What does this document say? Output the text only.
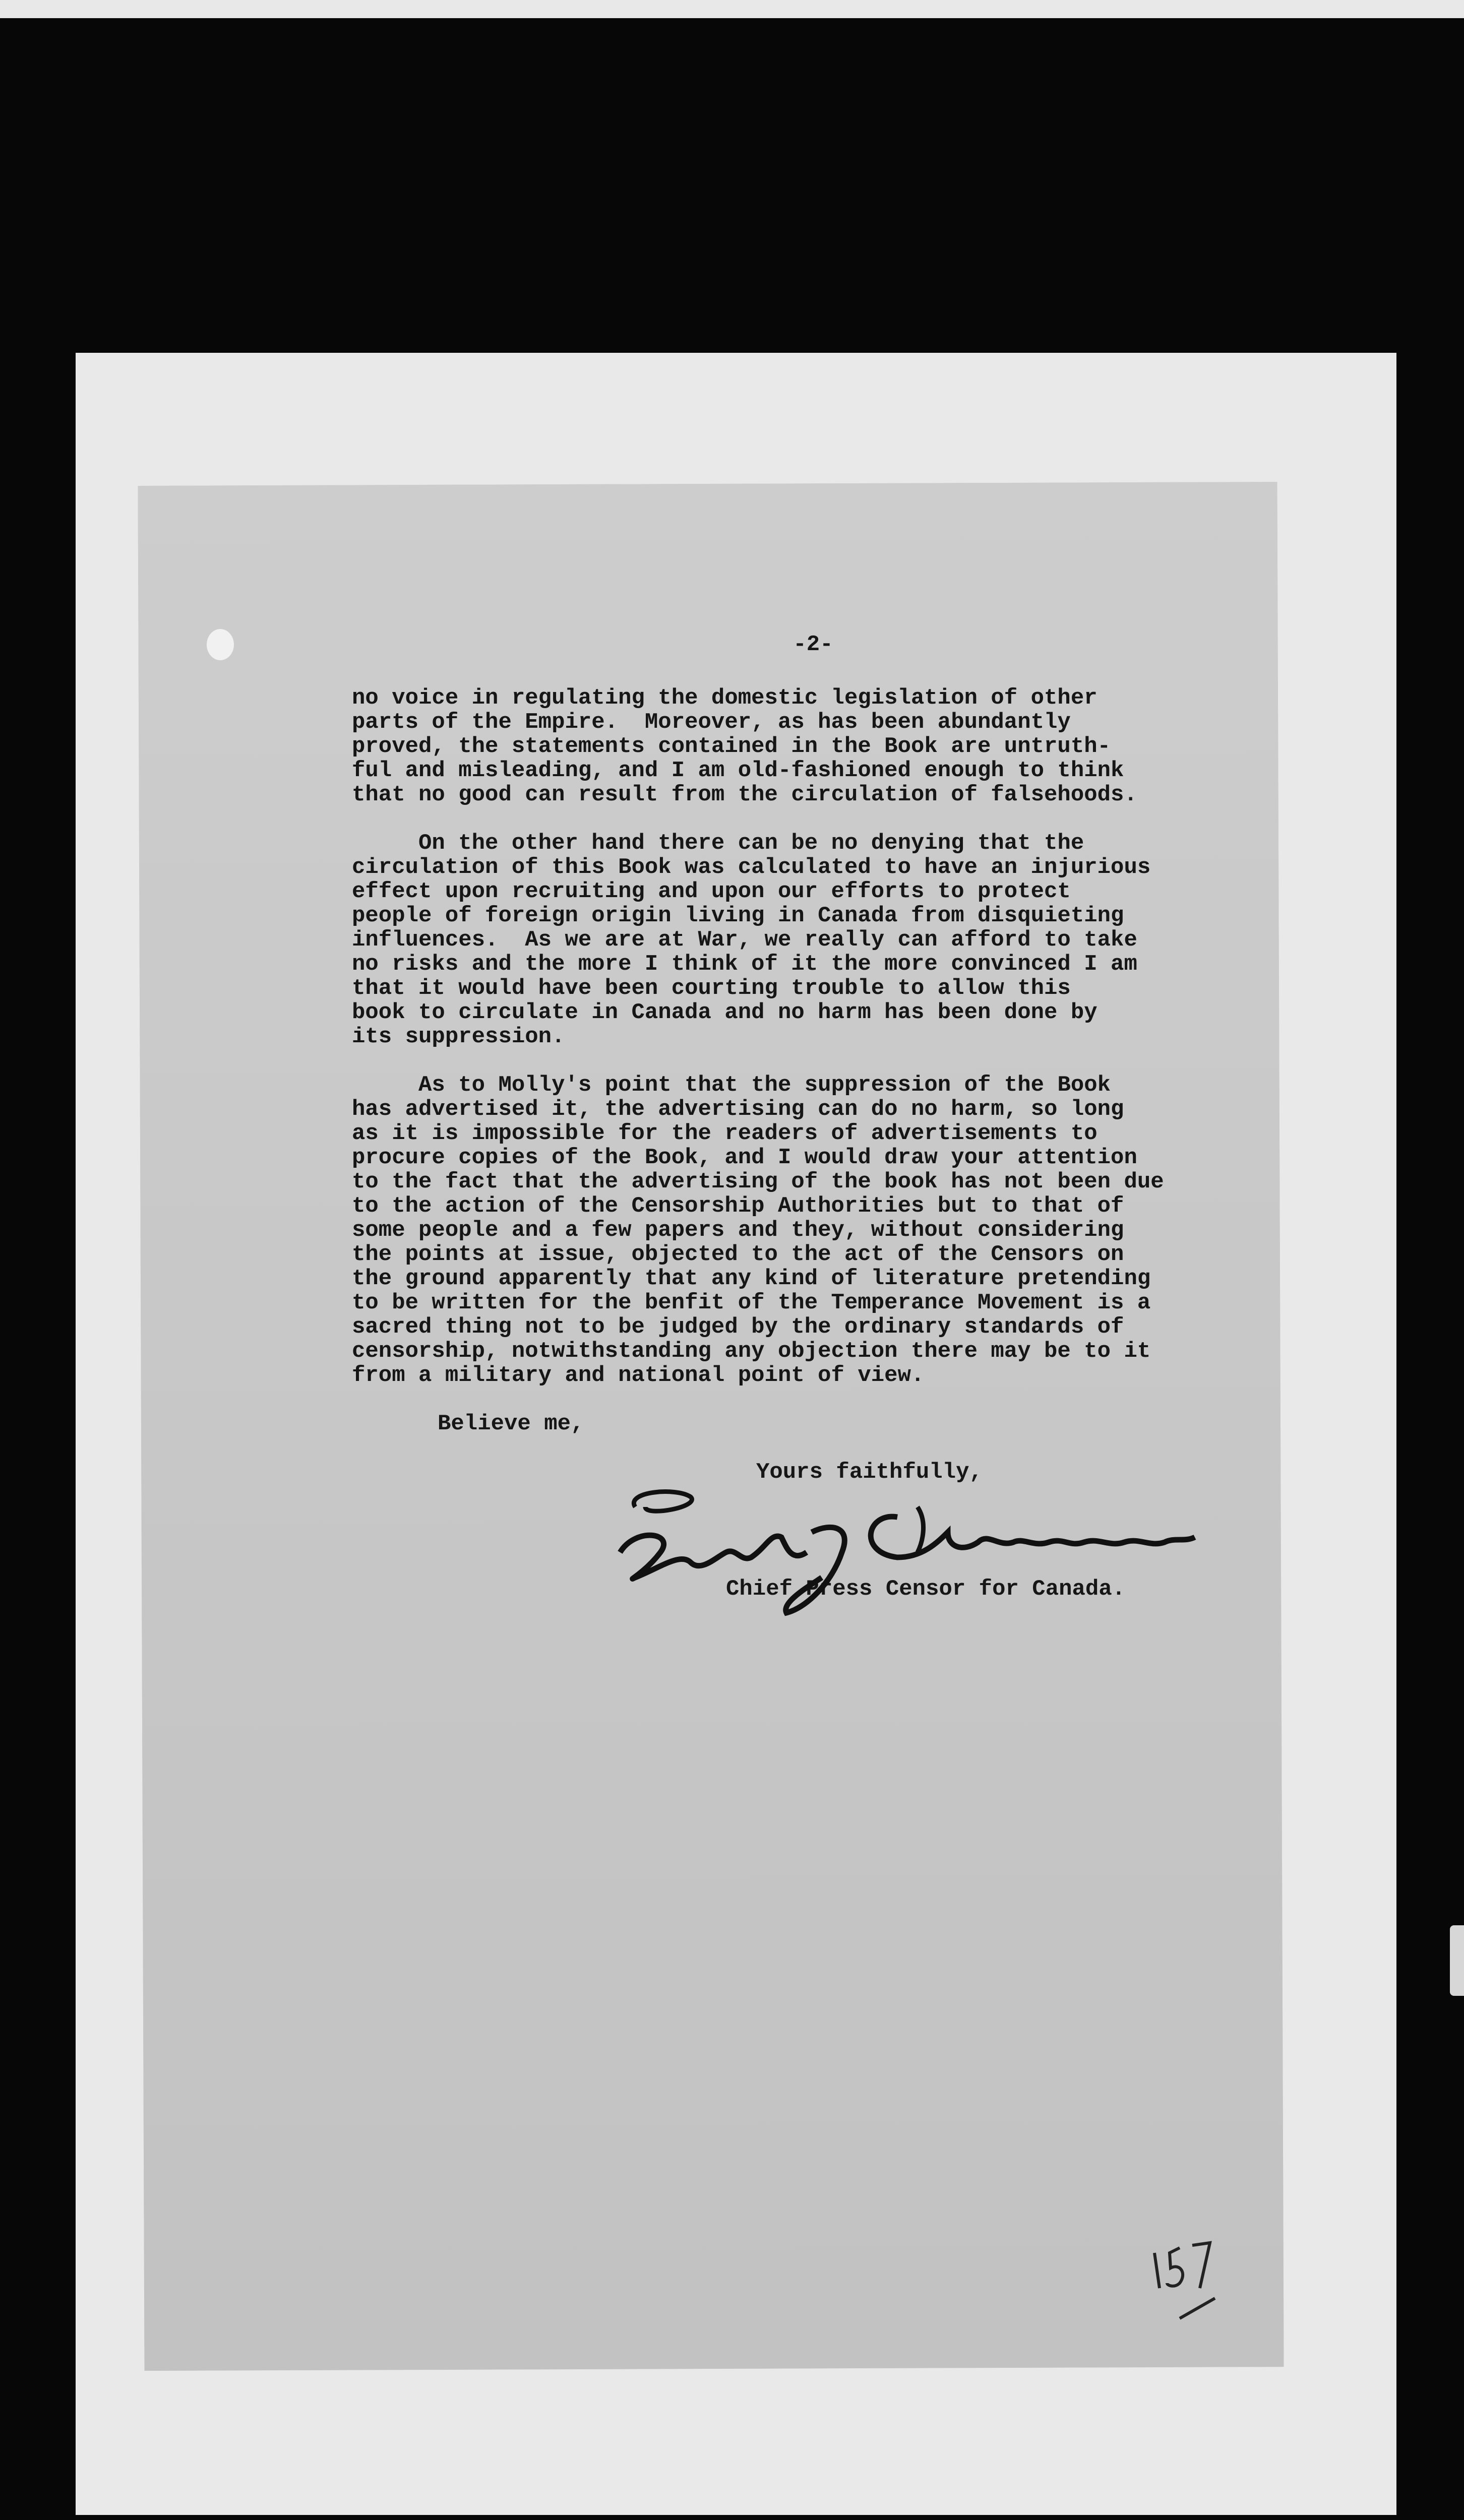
-2-
no voice in regulating the domestic legislation of other
parts of the Empire.  Moreover, as has been abundantly
proved, the statements contained in the Book are untruth-
ful and misleading, and I am old-fashioned enough to think
that no good can result from the circulation of falsehoods.
On the other hand there can be no denying that the
circulation of this Book was calculated to have an injurious
effect upon recruiting and upon our efforts to protect
people of foreign origin living in Canada from disquieting
influences.  As we are at War, we really can afford to take
no risks and the more I think of it the more convinced I am
that it would have been courting trouble to allow this
book to circulate in Canada and no harm has been done by
its suppression.
As to Molly's point that the suppression of the Book
has advertised it, the advertising can do no harm, so long
as it is impossible for the readers of advertisements to
procure copies of the Book, and I would draw your attention
to the fact that the advertising of the book has not been due
to the action of the Censorship Authorities but to that of
some people and a few papers and they, without considering
the points at issue, objected to the act of the Censors on
the ground apparently that any kind of literature pretending
to be written for the benfit of the Temperance Movement is a
sacred thing not to be judged by the ordinary standards of
censorship, notwithstanding any objection there may be to it
from a military and national point of view.
Believe me,
Yours faithfully,
Chief Press Censor for Canada.
